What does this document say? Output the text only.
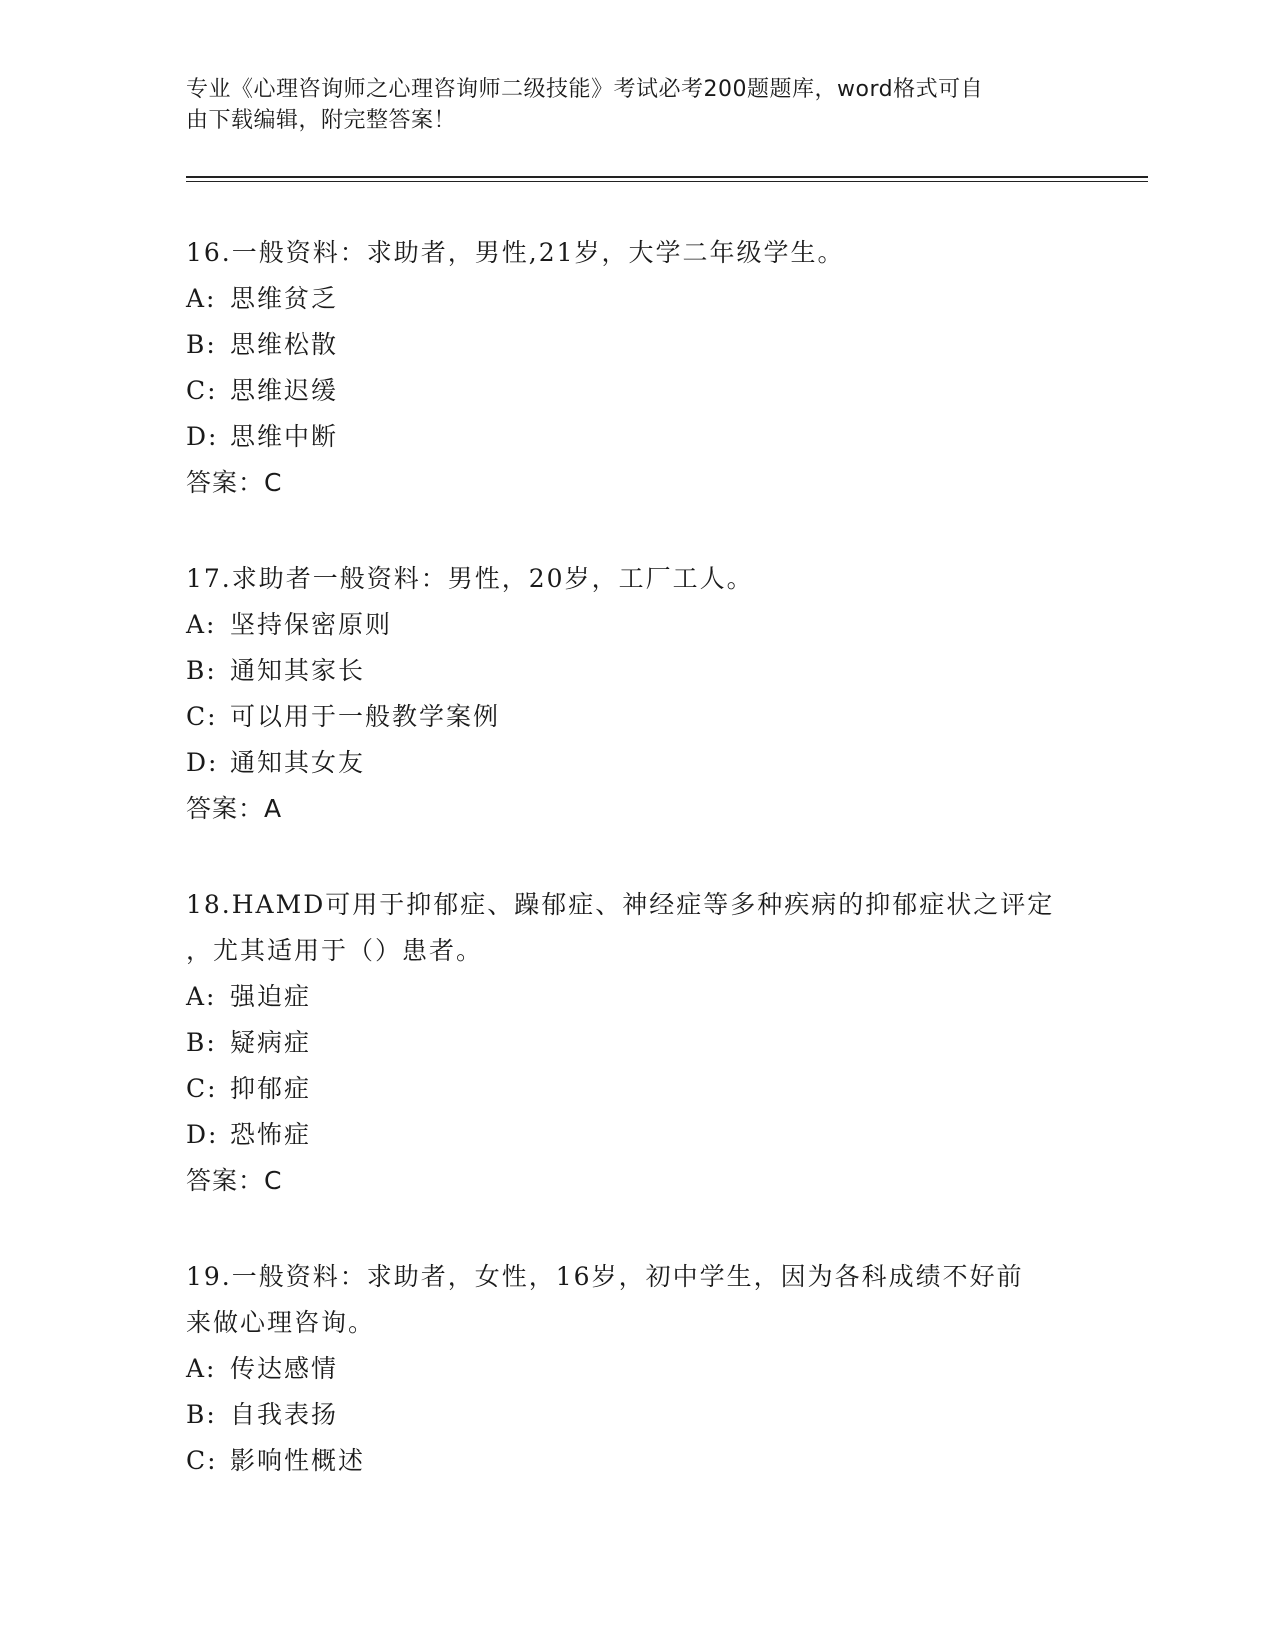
专业《心理咨询师之心理咨询师二级技能》考试必考200题题库，word格式可自
由下载编辑，附完整答案！
16.一般资料：求助者，男性,21岁，大学二年级学生。
A: 思维贫乏
B: 思维松散
C: 思维迟缓
D: 思维中断
答案：C
17.求助者一般资料：男性，20岁，工厂工人。
A: 坚持保密原则
B: 通知其家长
C: 可以用于一般教学案例
D: 通知其女友
答案：A
18.HAMD可用于抑郁症、躁郁症、神经症等多种疾病的抑郁症状之评定
，尤其适用于（）患者。
A: 强迫症
B: 疑病症
C: 抑郁症
D: 恐怖症
答案：C
19.一般资料：求助者，女性，16岁，初中学生，因为各科成绩不好前
来做心理咨询。
A: 传达感情
B: 自我表扬
C: 影响性概述
